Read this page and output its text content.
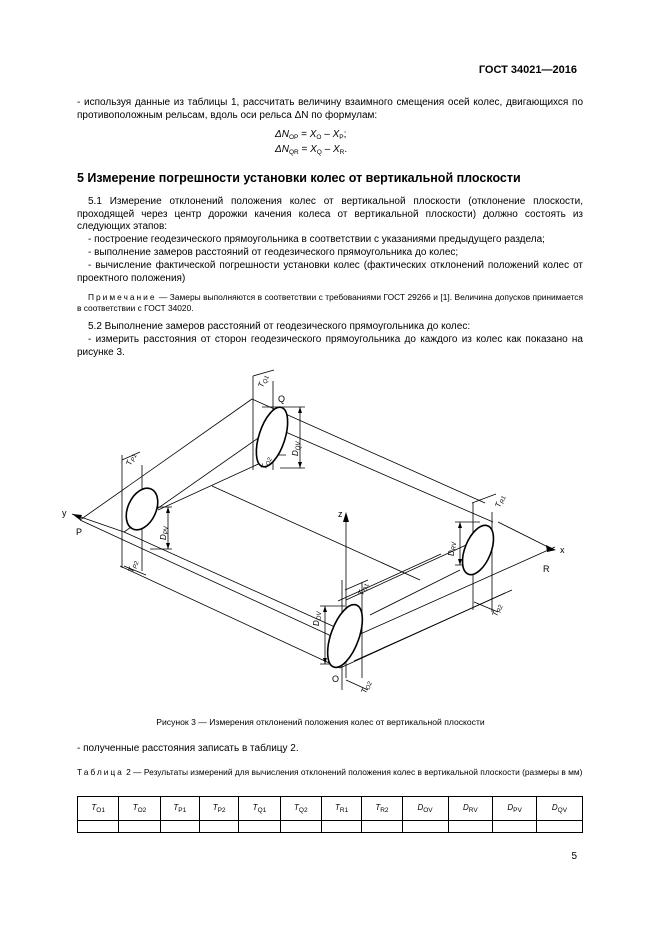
ГОСТ 34021—2016
- используя данные из таблицы 1, рассчитать величину взаимного смещения осей колес, двигающихся по противоположным рельсам, вдоль оси рельса ΔN по формулам:
$\Delta N_{OP} = X_O - X_P$;
$\Delta N_{QR} = X_Q - X_R$.
5 Измерение погрешности установки колес от вертикальной плоскости
5.1 Измерение отклонений положения колес от вертикальной плоскости (отклонение плоскости, проходящей через центр дорожки качения колеса от вертикальной плоскости) должно состоять из следующих этапов:
- построение геодезического прямоугольника в соответствии с указаниями предыдущего раздела;
- выполнение замеров расстояний от геодезического прямоугольника до колес;
- вычисление фактической погрешности установки колес (фактических отклонений положений колес от проектного положения)
Примечание — Замеры выполняются в соответствии с требованиями ГОСТ 29266 и [1]. Величина допусков принимается в соответствии с ГОСТ 34020.
5.2 Выполнение замеров расстояний от геодезического прямоугольника до колес:
- измерить расстояния от сторон геодезического прямоугольника до каждого из колес как показано на рисунке 3.
z
x
y
P
Q
R
O
$T_{Q1}$
$T_{Q2}$
$T_{P1}$
$T_{P2}$
$T_{R1}$
$T_{R2}$
$T_{O1}$
$T_{O2}$
$D_{PV}$
$D_{QV}$
$D_{RV}$
$D_{OV}$
Рисунок 3 — Измерения отклонений положения колес от вертикальной плоскости
- полученные расстояния записать в таблицу 2.
Таблица 2 — Результаты измерений для вычисления отклонений положения колес в вертикальной плоскости (размеры в мм)
$T_{O1}$	$T_{O2}$	$T_{P1}$	$T_{P2}$	$T_{Q1}$	$T_{Q2}$	$T_{R1}$	$T_{R2}$	$D_{OV}$	$D_{RV}$	$D_{PV}$	$D_{QV}$

5
